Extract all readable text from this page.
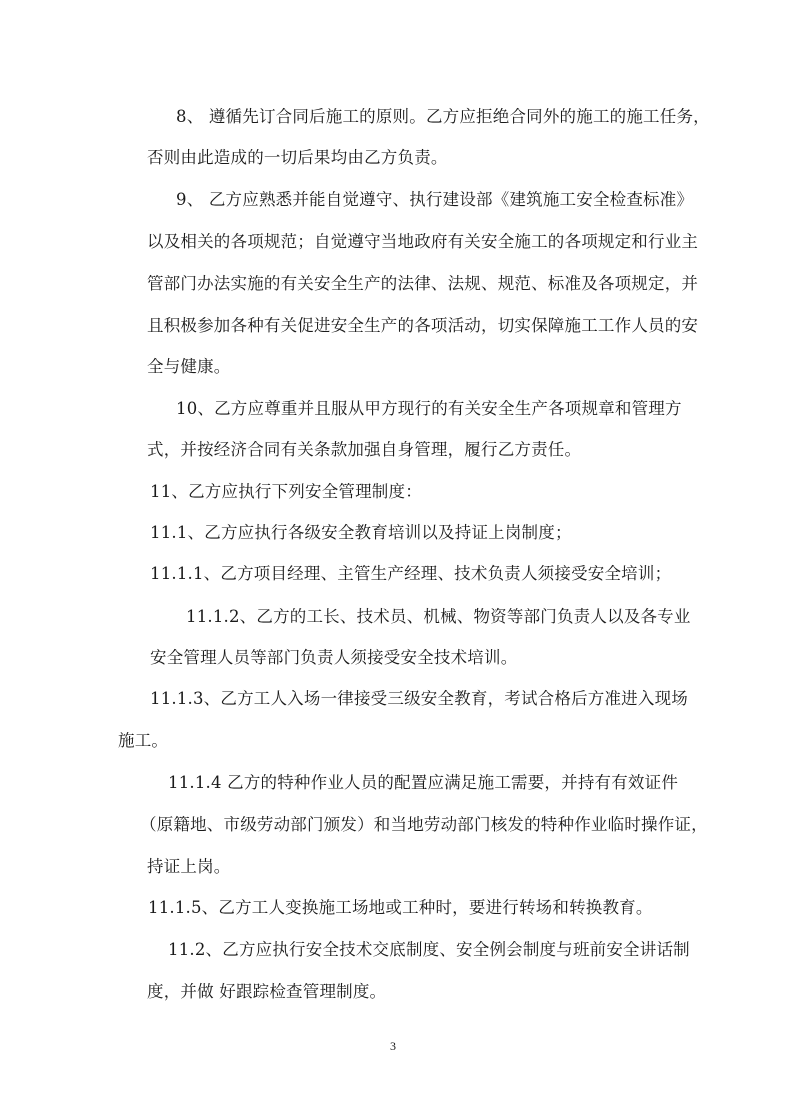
8、 遵循先订合同后施工的原则。乙方应拒绝合同外的施工的施工任务，
否则由此造成的一切后果均由乙方负责。
9、 乙方应熟悉并能自觉遵守、执行建设部《建筑施工安全检查标准》
以及相关的各项规范；自觉遵守当地政府有关安全施工的各项规定和行业主
管部门办法实施的有关安全生产的法律、法规、规范、标准及各项规定，并
且积极参加各种有关促进安全生产的各项活动，切实保障施工工作人员的安
全与健康。
10、乙方应尊重并且服从甲方现行的有关安全生产各项规章和管理方
式，并按经济合同有关条款加强自身管理，履行乙方责任。
11、乙方应执行下列安全管理制度：
11.1、乙方应执行各级安全教育培训以及持证上岗制度；
11.1.1、乙方项目经理、主管生产经理、技术负责人须接受安全培训；
11.1.2、乙方的工长、技术员、机械、物资等部门负责人以及各专业
安全管理人员等部门负责人须接受安全技术培训。
11.1.3、乙方工人入场一律接受三级安全教育，考试合格后方准进入现场
施工。
11.1.4 乙方的特种作业人员的配置应满足施工需要，并持有有效证件
（原籍地、市级劳动部门颁发）和当地劳动部门核发的特种作业临时操作证，
持证上岗。
11.1.5、乙方工人变换施工场地或工种时，要进行转场和转换教育。
11.2、乙方应执行安全技术交底制度、安全例会制度与班前安全讲话制
度，并做 好跟踪检查管理制度。
3
